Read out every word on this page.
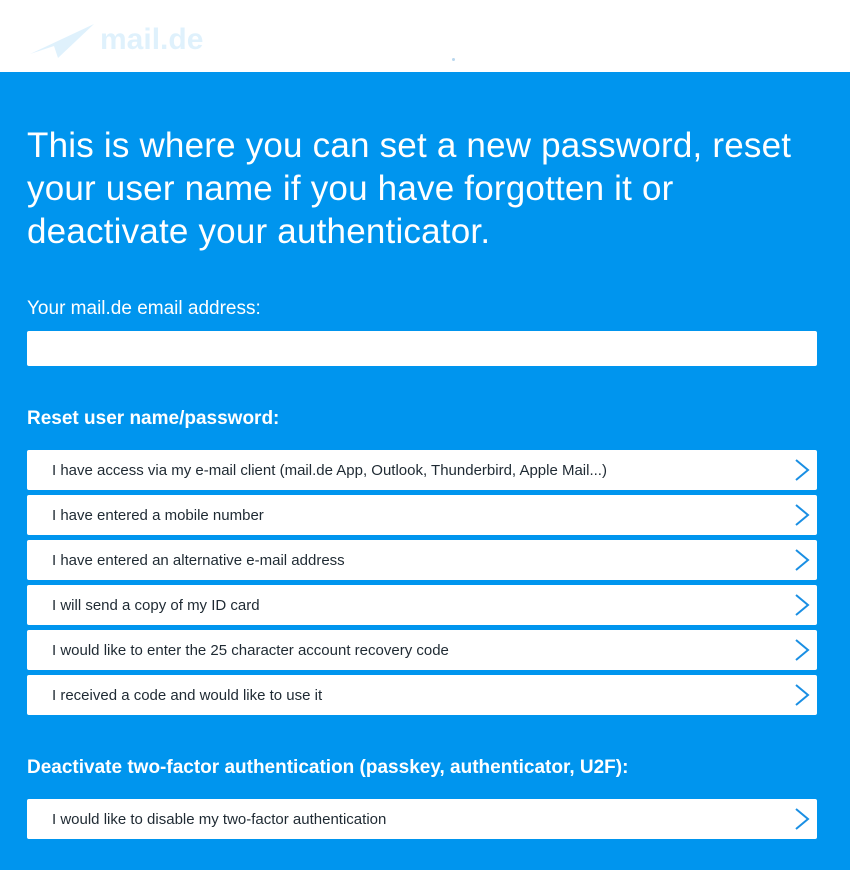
mail.de
This is where you can set a new password, reset your user name if you have forgotten it or deactivate your authenticator.
Your mail.de email address:
Reset user name/password:
I have access via my e-mail client (mail.de App, Outlook, Thunderbird, Apple Mail...)
I have entered a mobile number
I have entered an alternative e-mail address
I will send a copy of my ID card
I would like to enter the 25 character account recovery code
I received a code and would like to use it
Deactivate two-factor authentication (passkey, authenticator, U2F):
I would like to disable my two-factor authentication
